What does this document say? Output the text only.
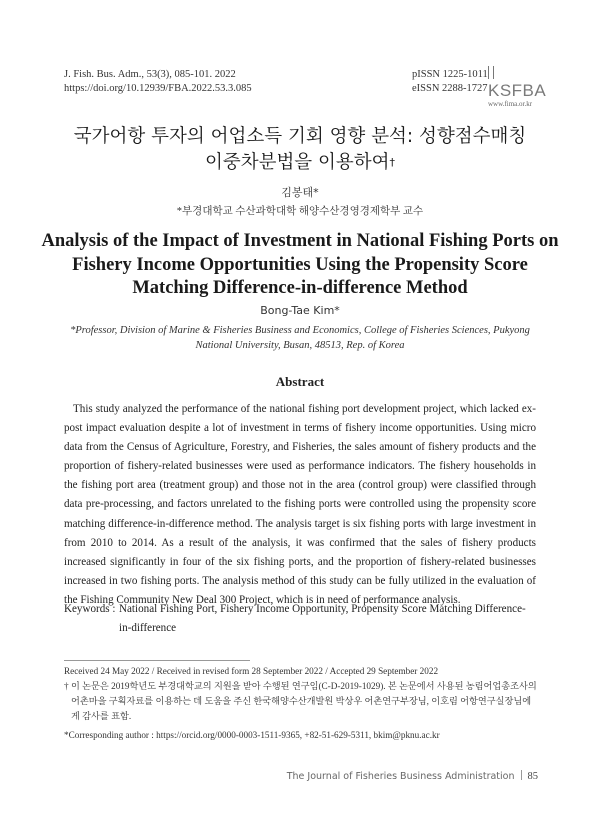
J. Fish. Bus. Adm., 53(3), 085-101. 2022
https://doi.org/10.12939/FBA.2022.53.3.085
pISSN 1225-1011
eISSN 2288-1727 KSFBA
www.fima.or.kr
국가어항 투자의 어업소득 기회 영향 분석: 성향점수매칭
이중차분법을 이용하여†
김봉태*
*부경대학교 수산과학대학 해양수산경영경제학부 교수
Analysis of the Impact of Investment in National Fishing Ports on Fishery Income Opportunities Using the Propensity Score Matching Difference-in-difference Method
Bong-Tae Kim*
*Professor, Division of Marine & Fisheries Business and Economics, College of Fisheries Sciences, Pukyong National University, Busan, 48513, Rep. of Korea
Abstract

This study analyzed the performance of the national fishing port development project, which lacked ex-post impact evaluation despite a lot of investment in terms of fishery income opportunities. Using micro data from the Census of Agriculture, Forestry, and Fisheries, the sales amount of fishery products and the proportion of fishery-related businesses were used as performance indicators. The fishery households in the fishing port area (treatment group) and those not in the area (control group) were classified through data pre-processing, and factors unrelated to the fishing ports were controlled using the propensity score matching difference-in-difference method. The analysis target is six fishing ports with large investment in from 2010 to 2014. As a result of the analysis, it was confirmed that the sales of fishery products increased significantly in four of the six fishing ports, and the proportion of fishery-related businesses increased in two fishing ports. The analysis method of this study can be fully utilized in the evaluation of the Fishing Community New Deal 300 Project, which is in need of performance analysis.

Keywords : National Fishing Port, Fishery Income Opportunity, Propensity Score Matching Difference-in-difference
Received 24 May 2022 / Received in revised form 28 September 2022 / Accepted 29 September 2022
† 이 논문은 2019학년도 부경대학교의 지원을 받아 수행된 연구임(C-D-2019-1029). 본 논문에서 사용된 농림어업총조사의 어촌마을 구획자료를 이용하는 데 도움을 주신 한국해양수산개발원 박상우 어촌연구부장님, 이호림 어항연구실장님에게 감사를 표함.
*Corresponding author : https://orcid.org/0000-0003-1511-9365, +82-51-629-5311, bkim@pknu.ac.kr
The Journal of Fisheries Business Administration 85
